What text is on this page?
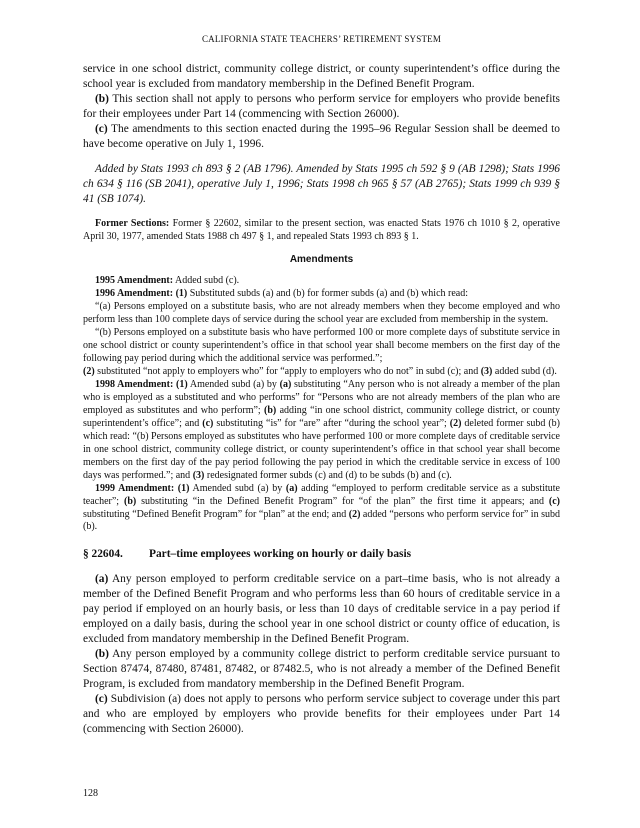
CALIFORNIA STATE TEACHERS’ RETIREMENT SYSTEM

service in one school district, community college district, or county superintendent’s office during the school year is excluded from mandatory membership in the Defined Benefit Program.

(b) This section shall not apply to persons who perform service for employers who provide benefits for their employees under Part 14 (commencing with Section 26000).

(c) The amendments to this section enacted during the 1995–96 Regular Session shall be deemed to have become operative on July 1, 1996.

Added by Stats 1993 ch 893 § 2 (AB 1796). Amended by Stats 1995 ch 592 § 9 (AB 1298); Stats 1996 ch 634 § 116 (SB 2041), operative July 1, 1996; Stats 1998 ch 965 § 57 (AB 2765); Stats 1999 ch 939 § 41 (SB 1074).

Former Sections: Former § 22602, similar to the present section, was enacted Stats 1976 ch 1010 § 2, operative April 30, 1977, amended Stats 1988 ch 497 § 1, and repealed Stats 1993 ch 893 § 1.

Amendments

1995 Amendment: Added subd (c).

1996 Amendment: (1) Substituted subds (a) and (b) for former subds (a) and (b) which read:

“(a) Persons employed on a substitute basis, who are not already members when they become employed and who perform less than 100 complete days of service during the school year are excluded from membership in the system.

“(b) Persons employed on a substitute basis who have performed 100 or more complete days of substitute service in one school district or county superintendent’s office in that school year shall become members on the first day of the following pay period during which the additional service was performed.”;

(2) substituted “not apply to employers who” for “apply to employers who do not” in subd (c); and (3) added subd (d).

1998 Amendment: (1) Amended subd (a) by (a) substituting “Any person who is not already a member of the plan who is employed as a substituted and who performs” for “Persons who are not already members of the plan who are employed as substitutes and who perform”; (b) adding “in one school district, community college district, or county superintendent’s office”; and (c) substituting “is” for “are” after “during the school year”; (2) deleted former subd (b) which read: “(b) Persons employed as substitutes who have performed 100 or more complete days of creditable service in one school district, community college district, or county superintendent’s office in that school year shall become members on the first day of the pay period following the pay period in which the creditable service in excess of 100 days was performed.”; and (3) redesignated former subds (c) and (d) to be subds (b) and (c).

1999 Amendment: (1) Amended subd (a) by (a) adding “employed to perform creditable service as a substitute teacher”; (b) substituting “in the Defined Benefit Program” for “of the plan” the first time it appears; and (c) substituting “Defined Benefit Program” for “plan” at the end; and (2) added “persons who perform service for” in subd (b).

§ 22604.	Part–time employees working on hourly or daily basis

(a) Any person employed to perform creditable service on a part–time basis, who is not already a member of the Defined Benefit Program and who performs less than 60 hours of creditable service in a pay period if employed on an hourly basis, or less than 10 days of creditable service in a pay period if employed on a daily basis, during the school year in one school district or county office of education, is excluded from mandatory membership in the Defined Benefit Program.

(b) Any person employed by a community college district to perform creditable service pursuant to Section 87474, 87480, 87481, 87482, or 87482.5, who is not already a member of the Defined Benefit Program, is excluded from mandatory membership in the Defined Benefit Program.

(c) Subdivision (a) does not apply to persons who perform service subject to coverage under this part and who are employed by employers who provide benefits for their employees under Part 14 (commencing with Section 26000).

128
